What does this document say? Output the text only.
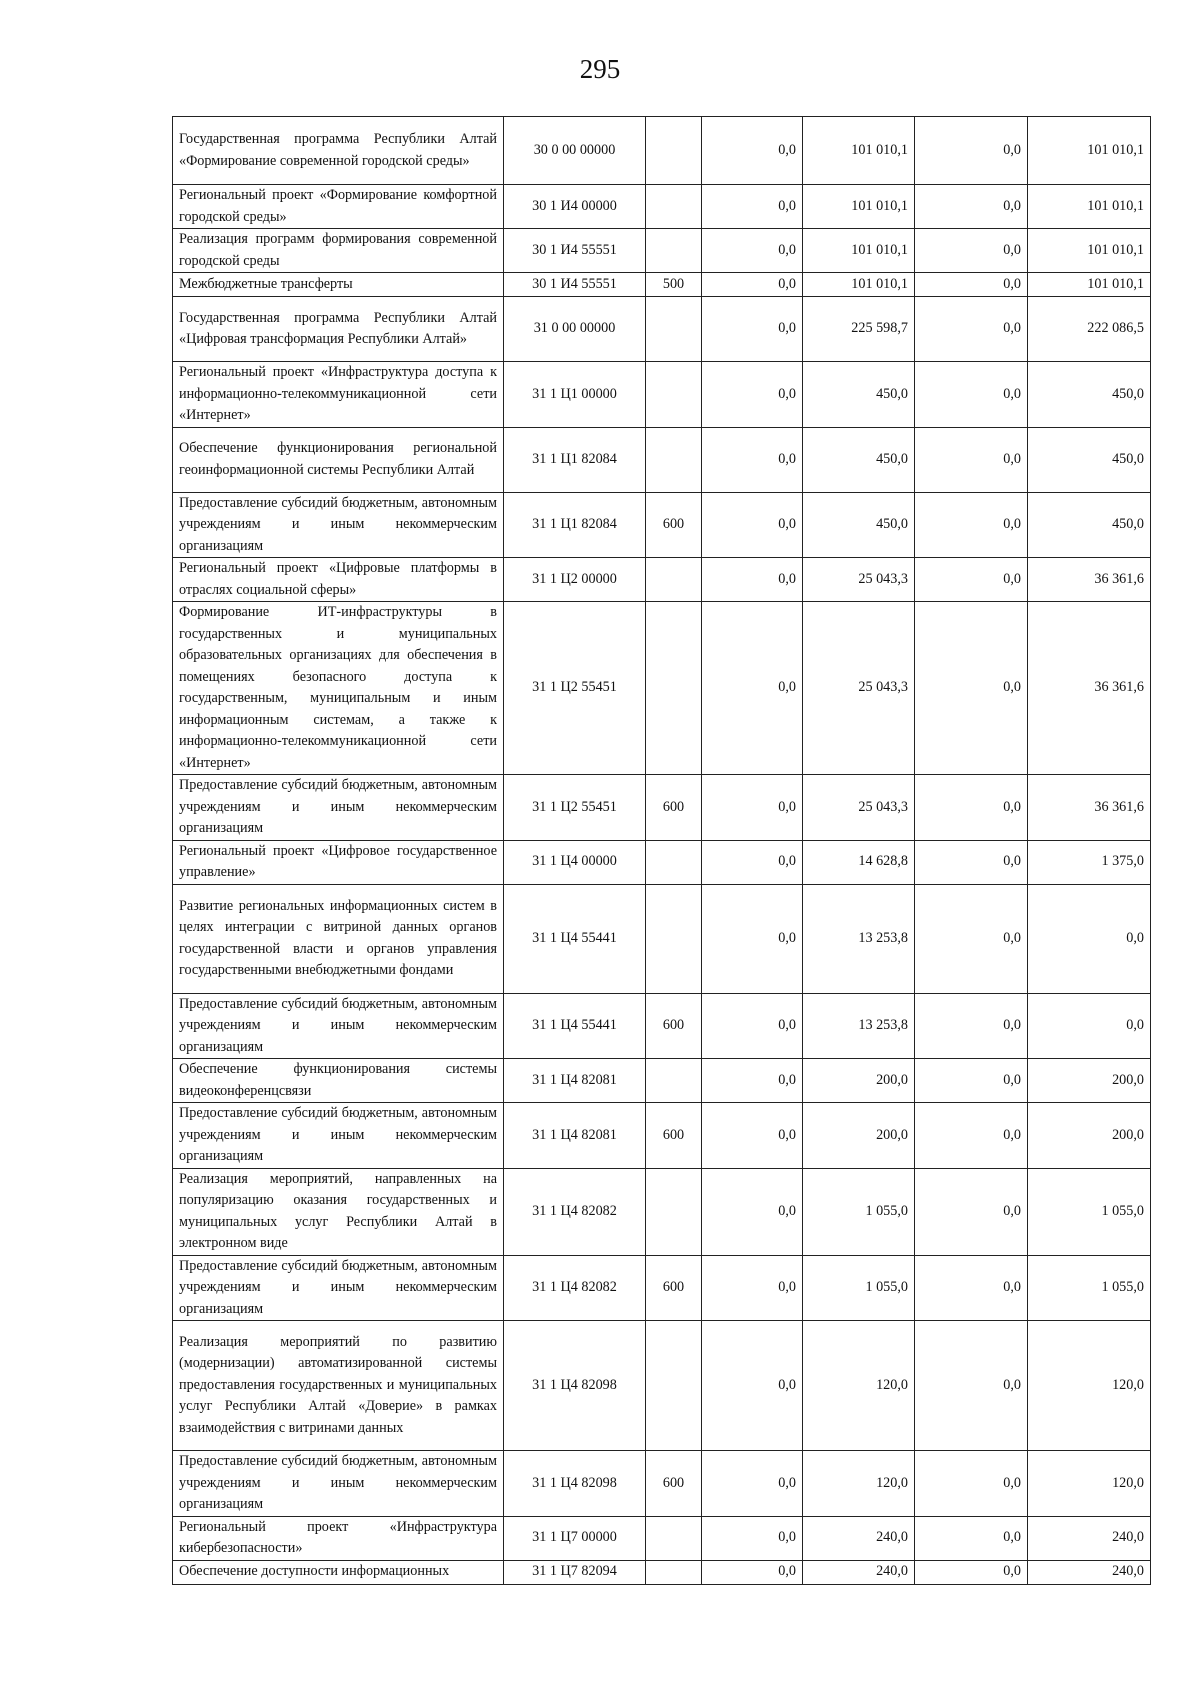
295
Государственная программа Республики Алтай «Формирование современной городской среды»	30 0 00 00000		0,0	101 010,1	0,0	101 010,1
Региональный проект «Формирование комфортной городской среды»	30 1 И4 00000		0,0	101 010,1	0,0	101 010,1
Реализация программ формирования современной городской среды	30 1 И4 55551		0,0	101 010,1	0,0	101 010,1
Межбюджетные трансферты	30 1 И4 55551	500	0,0	101 010,1	0,0	101 010,1
Государственная программа Республики Алтай «Цифровая трансформация Республики Алтай»	31 0 00 00000		0,0	225 598,7	0,0	222 086,5
Региональный проект «Инфраструктура доступа к информационно-телекоммуникационной сети «Интернет»	31 1 Ц1 00000		0,0	450,0	0,0	450,0
Обеспечение функционирования региональной геоинформационной системы Республики Алтай	31 1 Ц1 82084		0,0	450,0	0,0	450,0
Предоставление субсидий бюджетным, автономным учреждениям и иным некоммерческим организациям	31 1 Ц1 82084	600	0,0	450,0	0,0	450,0
Региональный проект «Цифровые платформы в отраслях социальной сферы»	31 1 Ц2 00000		0,0	25 043,3	0,0	36 361,6
Формирование ИТ-инфраструктуры в государственных и муниципальных образовательных организациях для обеспечения в помещениях безопасного доступа к государственным, муниципальным и иным информационным системам, а также к информационно-телекоммуникационной сети «Интернет»	31 1 Ц2 55451		0,0	25 043,3	0,0	36 361,6
Предоставление субсидий бюджетным, автономным учреждениям и иным некоммерческим организациям	31 1 Ц2 55451	600	0,0	25 043,3	0,0	36 361,6
Региональный проект «Цифровое государственное управление»	31 1 Ц4 00000		0,0	14 628,8	0,0	1 375,0
Развитие региональных информационных систем в целях интеграции с витриной данных органов государственной власти и органов управления государственными внебюджетными фондами	31 1 Ц4 55441		0,0	13 253,8	0,0	0,0
Предоставление субсидий бюджетным, автономным учреждениям и иным некоммерческим организациям	31 1 Ц4 55441	600	0,0	13 253,8	0,0	0,0
Обеспечение функционирования системы видеоконференцсвязи	31 1 Ц4 82081		0,0	200,0	0,0	200,0
Предоставление субсидий бюджетным, автономным учреждениям и иным некоммерческим организациям	31 1 Ц4 82081	600	0,0	200,0	0,0	200,0
Реализация мероприятий, направленных на популяризацию оказания государственных и муниципальных услуг Республики Алтай в электронном виде	31 1 Ц4 82082		0,0	1 055,0	0,0	1 055,0
Предоставление субсидий бюджетным, автономным учреждениям и иным некоммерческим организациям	31 1 Ц4 82082	600	0,0	1 055,0	0,0	1 055,0
Реализация мероприятий по развитию (модернизации) автоматизированной системы предоставления государственных и муниципальных услуг Республики Алтай «Доверие» в рамках взаимодействия с витринами данных	31 1 Ц4 82098		0,0	120,0	0,0	120,0
Предоставление субсидий бюджетным, автономным учреждениям и иным некоммерческим организациям	31 1 Ц4 82098	600	0,0	120,0	0,0	120,0
Региональный проект «Инфраструктура кибербезопасности»	31 1 Ц7 00000		0,0	240,0	0,0	240,0
Обеспечение доступности информационных	31 1 Ц7 82094		0,0	240,0	0,0	240,0
